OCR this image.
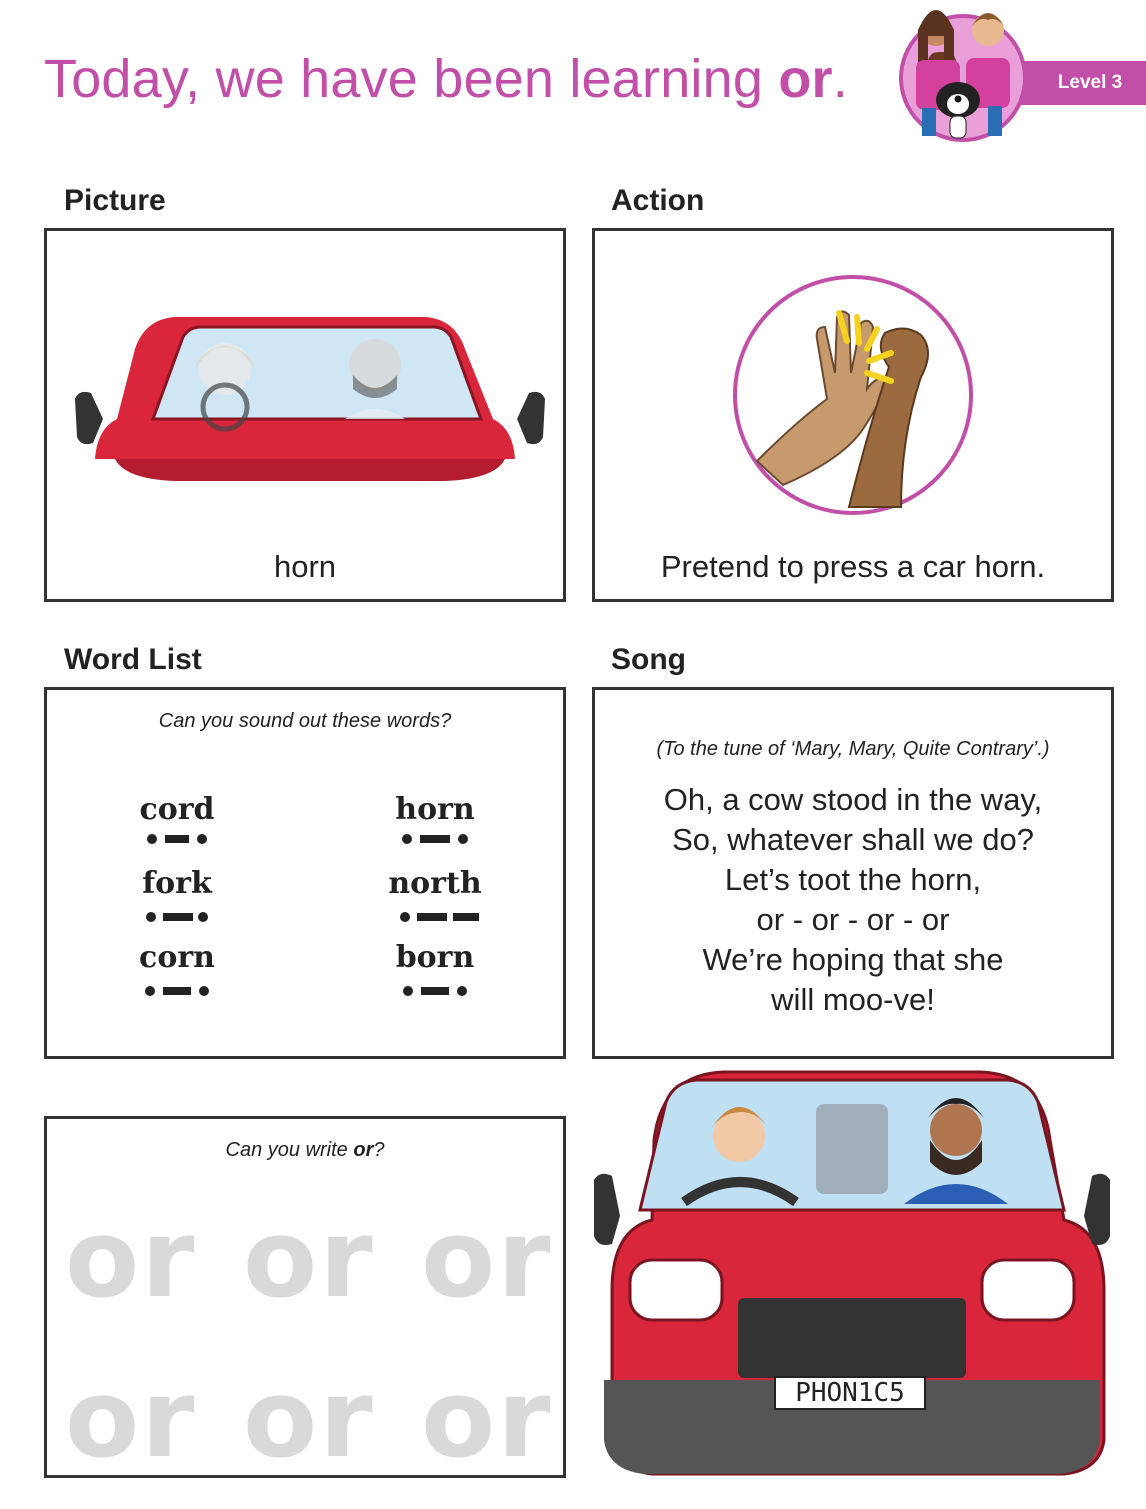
Today, we have been learning or.	Level 3
Picture
horn
Action
Pretend to press a car horn.
Word List
Can you sound out these words?
cord	horn
fork	north
corn	born
Song
(To the tune of ‘Mary, Mary, Quite Contrary’.)
Oh, a cow stood in the way,
So, whatever shall we do?
Let’s toot the horn,
or - or - or - or
We’re hoping that she
will moo-ve!
Can you write or?
or or or
or or or	PHON1C5
